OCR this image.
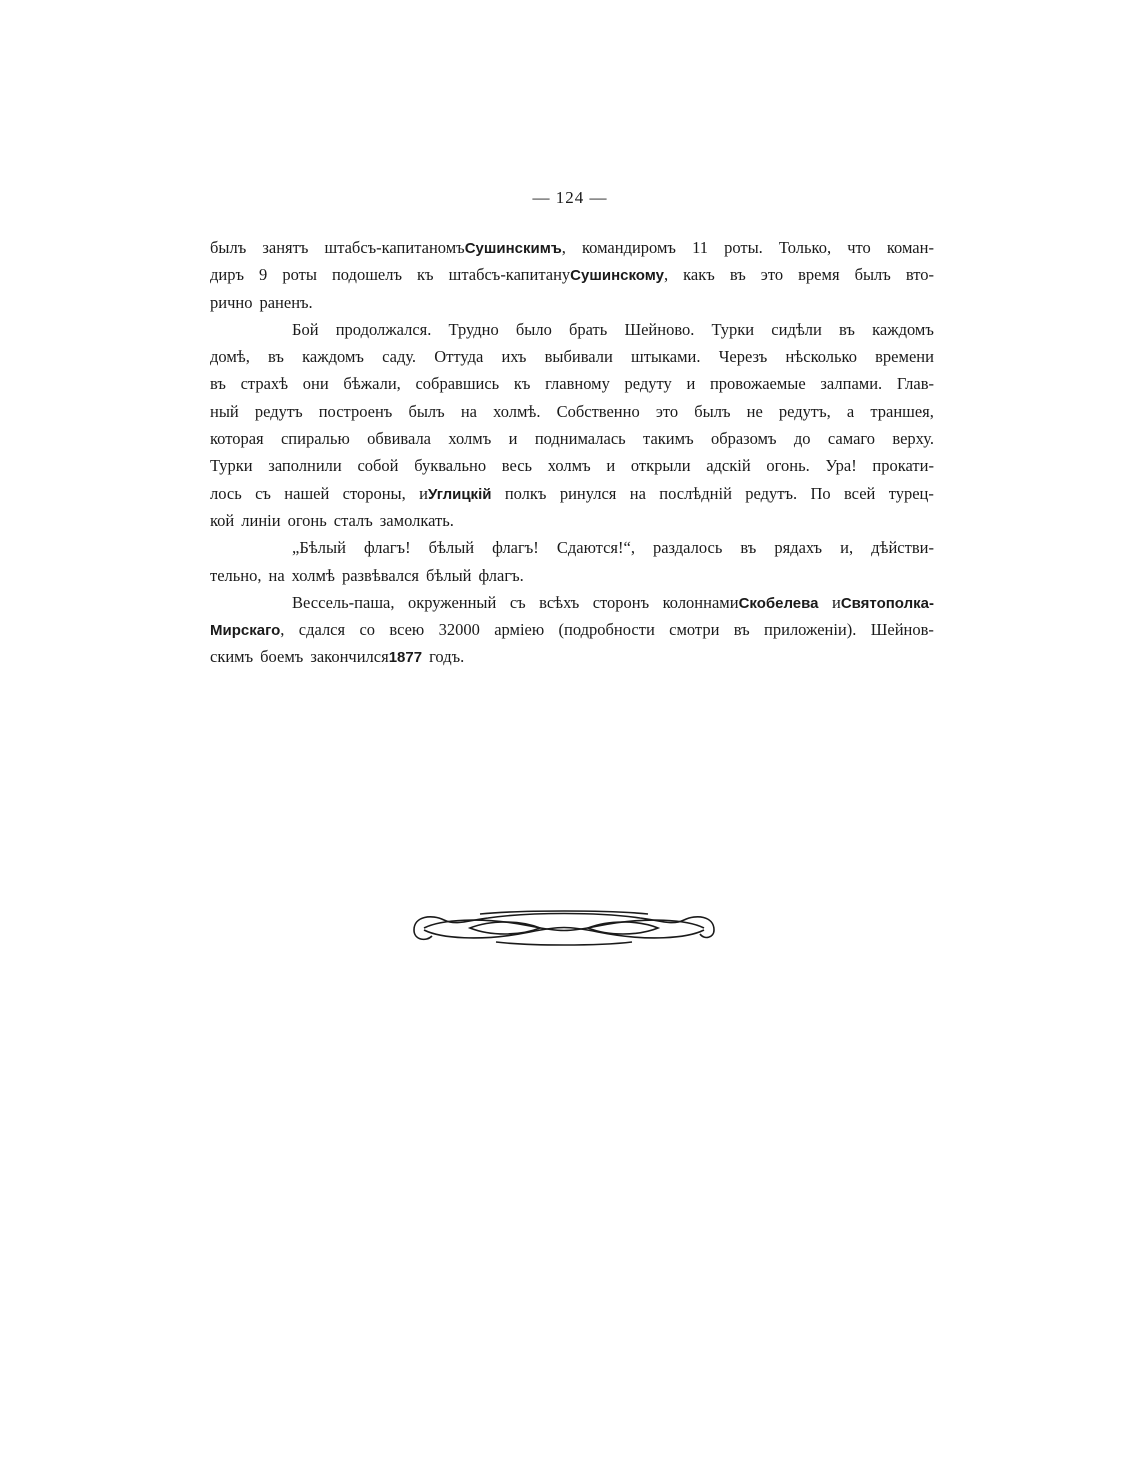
— 124 —
былъ занятъ штабсъ-капитаномъСушинскимъ, командиромъ 11 роты. Только, что коман-
диръ 9 роты подошелъ къ штабсъ-капитануСушинскому, какъ въ это время былъ вто-
рично раненъ.
Бой продолжался. Трудно было брать Шейново. Турки сидѣли въ каждомъ
домѣ, въ каждомъ саду. Оттуда ихъ выбивали штыками. Черезъ нѣсколько времени
въ страхѣ они бѣжали, собравшись къ главному редуту и провожаемые залпами. Глав-
ный редутъ построенъ былъ на холмѣ. Собственно это былъ не редутъ, а траншея,
которая спиралью обвивала холмъ и поднималась такимъ образомъ до самаго верху.
Турки заполнили собой буквально весь холмъ и открыли адскій огонь. Ура! прокати-
лось съ нашей стороны, иУглицкій полкъ ринулся на послѣдній редутъ. По всей турец-
кой линіи огонь сталъ замолкать.
„Бѣлый флагъ! бѣлый флагъ! Сдаются!“, раздалось въ рядахъ и, дѣйстви-
тельно, на холмѣ развѣвался бѣлый флагъ.
Вессель-паша, окруженный съ всѣхъ сторонъ колоннамиСкобелева иСвятополка-
Мирскаго, сдался со всею 32000 арміею (подробности смотри въ приложеніи). Шейнов-
скимъ боемъ закончился1877 годъ.
